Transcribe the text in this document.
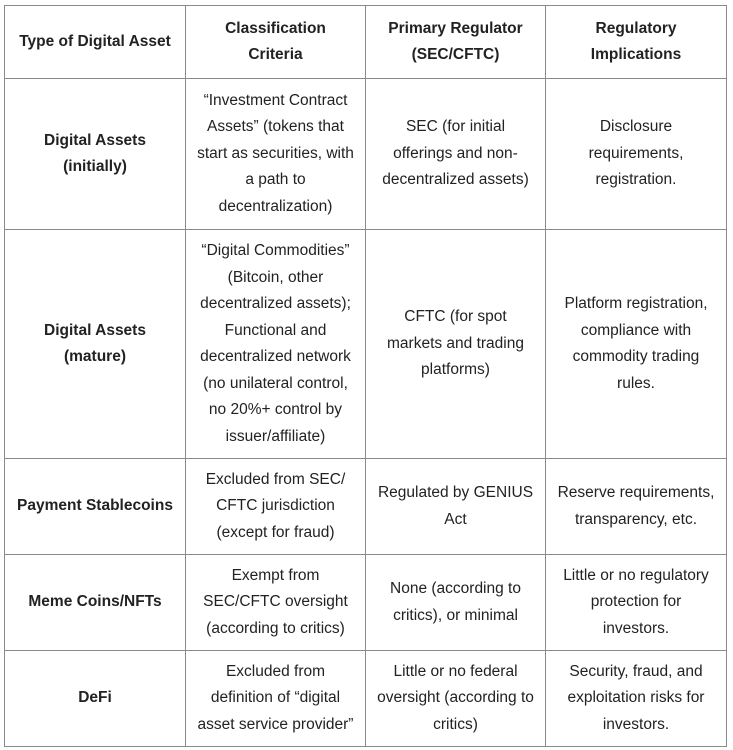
Type of Digital Asset	Classification Criteria	Primary Regulator (SEC/CFTC)	Regulatory Implications
Digital Assets (initially)	“Investment Contract Assets” (tokens that start as securities, with a path to decentralization)	SEC (for initial offerings and non-decentralized assets)	Disclosure requirements, registration.
Digital Assets (mature)	“Digital Commodities” (Bitcoin, other decentralized assets); Functional and decentralized network (no unilateral control, no 20%+ control by issuer/affiliate)	CFTC (for spot markets and trading platforms)	Platform registration, compliance with commodity trading rules.
Payment Stablecoins	Excluded from SEC/ CFTC jurisdiction (except for fraud)	Regulated by GENIUS Act	Reserve requirements, transparency, etc.
Meme Coins/NFTs	Exempt from SEC/CFTC oversight (according to critics)	None (according to critics), or minimal	Little or no regulatory protection for investors.
DeFi	Excluded from definition of “digital asset service provider”	Little or no federal oversight (according to critics)	Security, fraud, and exploitation risks for investors.
